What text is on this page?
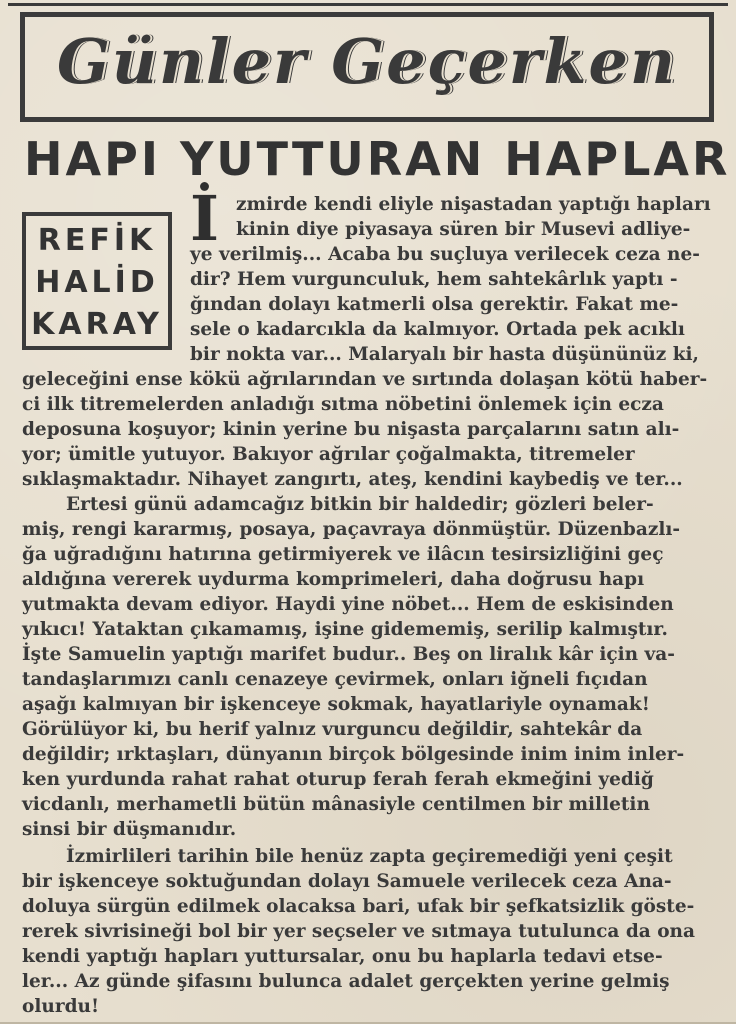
Günler Geçerken
HAPI YUTTURAN HAPLAR
REFİK
HALİD
KARAY
İ zmirde kendi eliyle nişastadan yaptığı hapları
kinin diye piyasaya süren bir Musevi adliye-
ye verilmiş... Acaba bu suçluya verilecek ceza ne-
dir? Hem vurgunculuk, hem sahtekârlık yaptı -
ğından dolayı katmerli olsa gerektir. Fakat me-
sele o kadarcıkla da kalmıyor. Ortada pek acıklı
bir nokta var... Malaryalı bir hasta düşününüz ki,
geleceğini ense kökü ağrılarından ve sırtında dolaşan kötü haber-
ci ilk titremelerden anladığı sıtma nöbetini önlemek için ecza
deposuna koşuyor; kinin yerine bu nişasta parçalarını satın alı-
yor; ümitle yutuyor. Bakıyor ağrılar çoğalmakta, titremeler
sıklaşmaktadır. Nihayet zangırtı, ateş, kendini kaybediş ve ter...
Ertesi günü adamcağız bitkin bir haldedir; gözleri beler-
miş, rengi kararmış, posaya, paçavraya dönmüştür. Düzenbazlı-
ğa uğradığını hatırına getirmiyerek ve ilâcın tesirsizliğini geç
aldığına vererek uydurma komprimeleri, daha doğrusu hapı
yutmakta devam ediyor. Haydi yine nöbet... Hem de eskisinden
yıkıcı! Yataktan çıkamamış, işine gidememiş, serilip kalmıştır.
İşte Samuelin yaptığı marifet budur.. Beş on liralık kâr için va-
tandaşlarımızı canlı cenazeye çevirmek, onları iğneli fıçıdan
aşağı kalmıyan bir işkenceye sokmak, hayatlariyle oynamak!
Görülüyor ki, bu herif yalnız vurguncu değildir, sahtekâr da
değildir; ırktaşları, dünyanın birçok bölgesinde inim inim inler-
ken yurdunda rahat rahat oturup ferah ferah ekmeğini yediğ
vicdanlı, merhametli bütün mânasiyle centilmen bir milletin
sinsi bir düşmanıdır.
İzmirlileri tarihin bile henüz zapta geçiremediği yeni çeşit
bir işkenceye soktuğundan dolayı Samuele verilecek ceza Ana-
doluya sürgün edilmek olacaksa bari, ufak bir şefkatsizlik göste-
rerek sivrisineği bol bir yer seçseler ve sıtmaya tutulunca da ona
kendi yaptığı hapları yuttursalar, onu bu haplarla tedavi etse-
ler... Az günde şifasını bulunca adalet gerçekten yerine gelmiş
olurdu!
